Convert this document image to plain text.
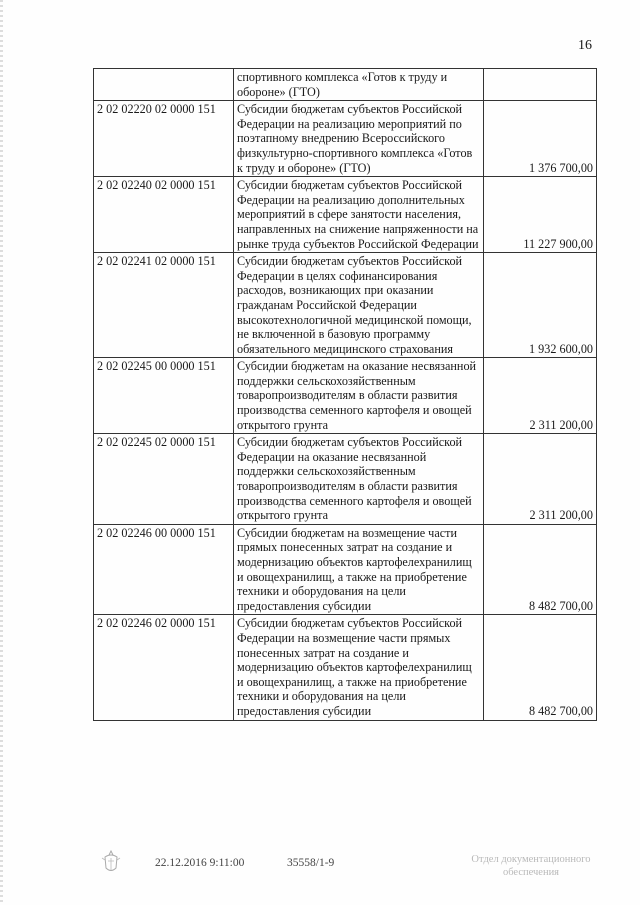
16
	спортивного комплекса «Готов к труду и обороне» (ГТО)	
2 02 02220 02 0000 151	Субсидии бюджетам субъектов Российской Федерации на реализацию мероприятий по поэтапному внедрению Всероссийского физкультурно-спортивного комплекса «Готов к труду и обороне» (ГТО)	1 376 700,00
2 02 02240 02 0000 151	Субсидии бюджетам субъектов Российской Федерации на реализацию дополнительных мероприятий в сфере занятости населения, направленных на снижение напряженности на рынке труда субъектов Российской Федерации	11 227 900,00
2 02 02241 02 0000 151	Субсидии бюджетам субъектов Российской Федерации в целях софинансирования расходов, возникающих при оказании гражданам Российской Федерации высокотехнологичной медицинской помощи, не включенной в базовую программу обязательного медицинского страхования	1 932 600,00
2 02 02245 00 0000 151	Субсидии бюджетам на оказание несвязанной поддержки сельскохозяйственным товаропроизводителям в области развития производства семенного картофеля и овощей открытого грунта	2 311 200,00
2 02 02245 02 0000 151	Субсидии бюджетам субъектов Российской Федерации на оказание несвязанной поддержки сельскохозяйственным товаропроизводителям в области развития производства семенного картофеля и овощей открытого грунта	2 311 200,00
2 02 02246 00 0000 151	Субсидии бюджетам на возмещение части прямых понесенных затрат на создание и модернизацию объектов картофелехранилищ и овощехранилищ, а также на приобретение техники и оборудования на цели предоставления субсидии	8 482 700,00
2 02 02246 02 0000 151	Субсидии бюджетам субъектов Российской Федерации на возмещение части прямых понесенных затрат на создание и модернизацию объектов картофелехранилищ и овощехранилищ, а также на приобретение техники и оборудования на цели предоставления субсидии	8 482 700,00
22.12.2016 9:11:00	35558/1-9	Отдел документационного
обеспечения
